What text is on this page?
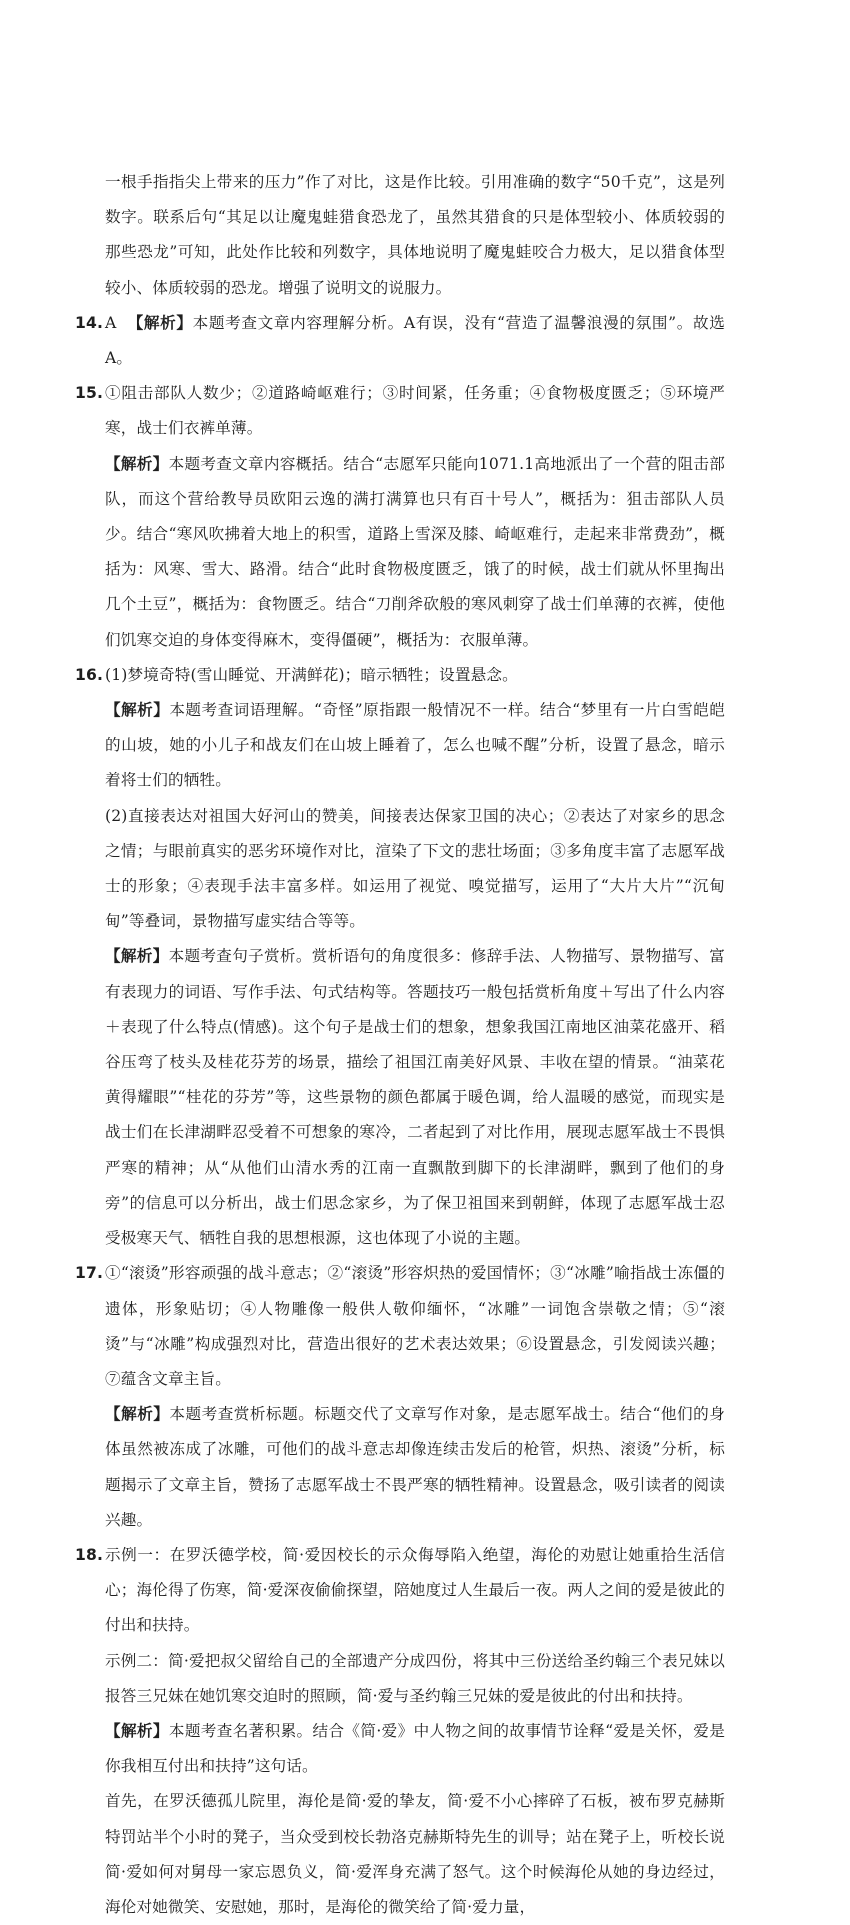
一根手指指尖上带来的压力”作了对比，这是作比较。引用准确的数字“50千克”，这是列数字。联系后句“其足以让魔鬼蛙猎食恐龙了，虽然其猎食的只是体型较小、体质较弱的那些恐龙”可知，此处作比较和列数字，具体地说明了魔鬼蛙咬合力极大，足以猎食体型较小、体质较弱的恐龙。增强了说明文的说服力。
14. A 【解析】本题考查文章内容理解分析。A有误，没有“营造了温馨浪漫的氛围”。故选A。
15. ①阻击部队人数少；②道路崎岖难行；③时间紧，任务重；④食物极度匮乏；⑤环境严寒，战士们衣裤单薄。
【解析】本题考查文章内容概括。结合“志愿军只能向1071.1高地派出了一个营的阻击部队，而这个营给教导员欧阳云逸的满打满算也只有百十号人”，概括为：狙击部队人员少。结合“寒风吹拂着大地上的积雪，道路上雪深及膝、崎岖难行，走起来非常费劲”，概括为：风寒、雪大、路滑。结合“此时食物极度匮乏，饿了的时候，战士们就从怀里掏出几个土豆”，概括为：食物匮乏。结合“刀削斧砍般的寒风刺穿了战士们单薄的衣裤，使他们饥寒交迫的身体变得麻木，变得僵硬”，概括为：衣服单薄。
16. (1)梦境奇特(雪山睡觉、开满鲜花)；暗示牺牲；设置悬念。
【解析】本题考查词语理解。“奇怪”原指跟一般情况不一样。结合“梦里有一片白雪皑皑的山坡，她的小儿子和战友们在山坡上睡着了，怎么也喊不醒”分析，设置了悬念，暗示着将士们的牺牲。
(2)直接表达对祖国大好河山的赞美，间接表达保家卫国的决心；②表达了对家乡的思念之情；与眼前真实的恶劣环境作对比，渲染了下文的悲壮场面；③多角度丰富了志愿军战士的形象；④表现手法丰富多样。如运用了视觉、嗅觉描写，运用了“大片大片”“沉甸甸”等叠词，景物描写虚实结合等等。
【解析】本题考查句子赏析。赏析语句的角度很多：修辞手法、人物描写、景物描写、富有表现力的词语、写作手法、句式结构等。答题技巧一般包括赏析角度＋写出了什么内容＋表现了什么特点(情感)。这个句子是战士们的想象，想象我国江南地区油菜花盛开、稻谷压弯了枝头及桂花芬芳的场景，描绘了祖国江南美好风景、丰收在望的情景。“油菜花黄得耀眼”“桂花的芬芳”等，这些景物的颜色都属于暖色调，给人温暖的感觉，而现实是战士们在长津湖畔忍受着不可想象的寒冷，二者起到了对比作用，展现志愿军战士不畏惧严寒的精神；从“从他们山清水秀的江南一直飘散到脚下的长津湖畔，飘到了他们的身旁”的信息可以分析出，战士们思念家乡，为了保卫祖国来到朝鲜，体现了志愿军战士忍受极寒天气、牺牲自我的思想根源，这也体现了小说的主题。
17. ①“滚烫”形容顽强的战斗意志；②“滚烫”形容炽热的爱国情怀；③“冰雕”喻指战士冻僵的遗体，形象贴切；④人物雕像一般供人敬仰缅怀，“冰雕”一词饱含崇敬之情；⑤“滚烫”与“冰雕”构成强烈对比，营造出很好的艺术表达效果；⑥设置悬念，引发阅读兴趣；⑦蕴含文章主旨。
【解析】本题考查赏析标题。标题交代了文章写作对象，是志愿军战士。结合“他们的身体虽然被冻成了冰雕，可他们的战斗意志却像连续击发后的枪管，炽热、滚烫”分析，标题揭示了文章主旨，赞扬了志愿军战士不畏严寒的牺牲精神。设置悬念，吸引读者的阅读兴趣。
18. 示例一：在罗沃德学校，简·爱因校长的示众侮辱陷入绝望，海伦的劝慰让她重拾生活信心；海伦得了伤寒，简·爱深夜偷偷探望，陪她度过人生最后一夜。两人之间的爱是彼此的付出和扶持。
示例二：简·爱把叔父留给自己的全部遗产分成四份，将其中三份送给圣约翰三个表兄妹以报答三兄妹在她饥寒交迫时的照顾，简·爱与圣约翰三兄妹的爱是彼此的付出和扶持。
【解析】本题考查名著积累。结合《简·爱》中人物之间的故事情节诠释“爱是关怀，爱是你我相互付出和扶持”这句话。
首先，在罗沃德孤儿院里，海伦是简·爱的挚友，简·爱不小心摔碎了石板，被布罗克赫斯特罚站半个小时的凳子，当众受到校长勃洛克赫斯特先生的训导；站在凳子上，听校长说简·爱如何对舅母一家忘恩负义，简·爱浑身充满了怒气。这个时候海伦从她的身边经过，海伦对她微笑、安慰她，那时，是海伦的微笑给了简·爱力量，
